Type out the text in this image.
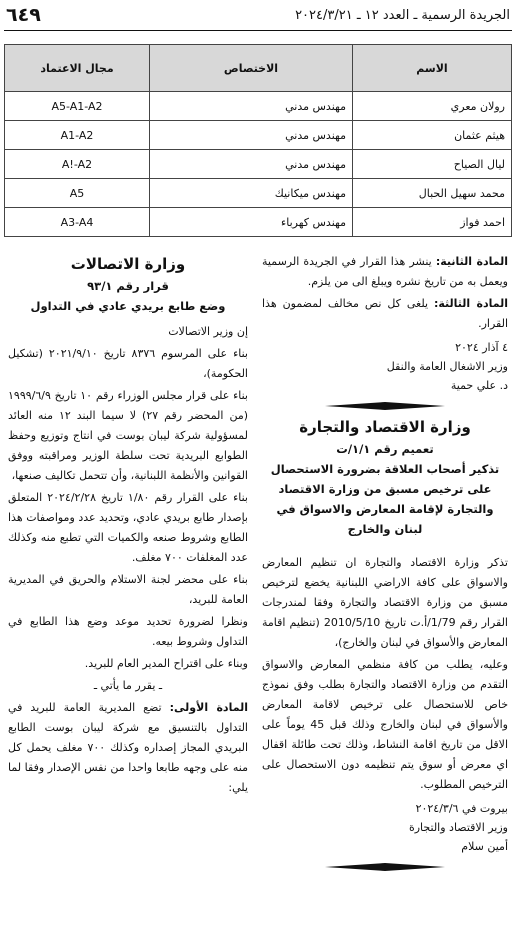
الجريدة الرسمية ـ العدد ١٢ ـ ٢٠٢٤/٣/٢١
٦٤٩
الاسم	الاختصاص	مجال الاعتماد
رولان معري	مهندس مدني	A5-A1-A2
هيثم عثمان	مهندس مدني	A1-A2
ليال الصياح	مهندس مدني	A!-A2
محمد سهيل الحبال	مهندس ميكانيك	A5
احمد فواز	مهندس كهرباء	A3-A4

المادة الثانية: ينشر هذا القرار في الجريدة الرسمية ويعمل به من تاريخ نشره ويبلغ الى من يلزم.

المادة الثالثة: يلغى كل نص مخالف لمضمون هذا القرار.

٤ آذار ٢٠٢٤

وزير الاشغال العامة والنقل

د. علي حمية

وزارة الاقتصاد والتجارة
تعميم رقم ١/١/ت
تذكير أصحاب العلاقة بضرورة الاستحصال على ترخيص مسبق من وزارة الاقتصاد والتجارة لإقامة المعارض والاسواق في لبنان والخارج

تذكر وزارة الاقتصاد والتجارة ان تنظيم المعارض والاسواق على كافة الاراضي اللبنانية يخضع لترخيص مسبق من وزارة الاقتصاد والتجارة وفقا لمندرجات القرار رقم 1/79/أ.ت تاريخ 2010/5/10 (تنظيم اقامة المعارض والأسواق في لبنان والخارج)،

وعليه، يطلب من كافة منظمي المعارض والاسواق التقدم من وزارة الاقتصاد والتجارة بطلب وفق نموذج خاص للاستحصال على ترخيص لاقامة المعارض والأسواق في لبنان والخارج وذلك قبل 45 يوماً على الاقل من تاريخ اقامة النشاط، وذلك تحت طائلة اقفال اي معرض أو سوق يتم تنظيمه دون الاستحصال على الترخيص المطلوب.

بيروت في ٢٠٢٤/٣/٦

وزير الاقتصاد والتجارة

أمين سلام

وزارة الاتصالات
قرار رقم ٩٣/١
وضع طابع بريدي عادي في التداول

إن وزير الاتصالات

بناء على المرسوم ٨٣٧٦ تاريخ ٢٠٢١/٩/١٠ (تشكيل الحكومة)،

بناء على قرار مجلس الوزراء رقم ١٠ تاريخ ١٩٩٩/٦/٩ (من المحضر رقم ٢٧) لا سيما البند ١٢ منه العائد لمسؤولية شركة ليبان بوست في انتاج وتوزيع وحفظ الطوابع البريدية تحت سلطة الوزير ومراقبته ووفق القوانين والأنظمة اللبنانية، وأن تتحمل تكاليف صنعها،

بناء على القرار رقم ١/٨٠ تاريخ ٢٠٢٤/٢/٢٨ المتعلق بإصدار طابع بريدي عادي، وتحديد عدد ومواصفات هذا الطابع وشروط صنعه والكميات التي تطبع منه وكذلك عدد المغلفات ٧٠٠ مغلف.

بناء على محضر لجنة الاستلام والحريق في المديرية العامة للبريد،

ونظرا لضرورة تحديد موعد وضع هذا الطابع في التداول وشروط بيعه.

وبناء على اقتراح المدير العام للبريد.

ـ يقرر ما يأتي ـ

المادة الأولى: تضع المديرية العامة للبريد في التداول بالتنسيق مع شركة ليبان بوست الطابع البريدي المجاز إصداره وكذلك ٧٠٠ مغلف يحمل كل منه على وجهه طابعا واحدا من نفس الإصدار وفقا لما يلي:
